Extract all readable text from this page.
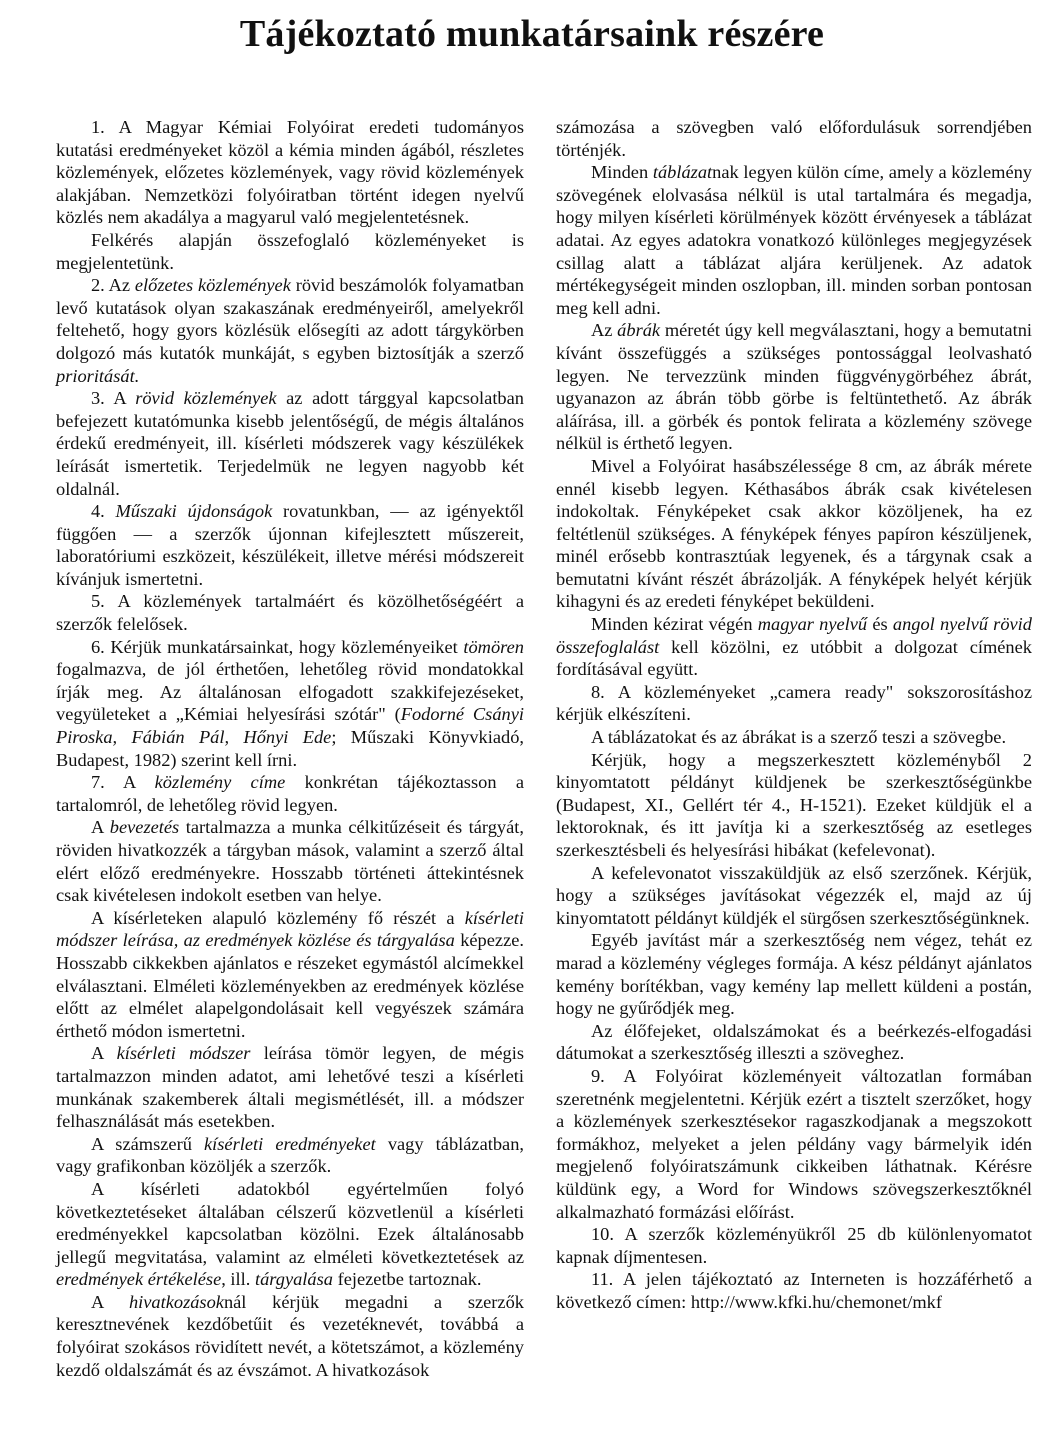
Tájékoztató munkatársaink részére

1. A Magyar Kémiai Folyóirat eredeti tudományos kutatási eredményeket közöl a kémia minden ágából, részletes közlemények, előzetes közlemények, vagy rövid közlemények alakjában. Nemzetközi folyóiratban történt idegen nyelvű közlés nem akadálya a magyarul való megjelentetésnek.

Felkérés alapján összefoglaló közleményeket is megjelentetünk.

2. Az előzetes közlemények rövid beszámolók folyamatban levő kutatások olyan szakaszának eredményeiről, amelyekről feltehető, hogy gyors közlésük elősegíti az adott tárgykörben dolgozó más kutatók munkáját, s egyben biztosítják a szerző prioritását.

3. A rövid közlemények az adott tárggyal kapcsolatban befejezett kutatómunka kisebb jelentőségű, de mégis általános érdekű eredményeit, ill. kísérleti módszerek vagy készülékek leírását ismertetik. Terjedelmük ne legyen nagyobb két oldalnál.

4. Műszaki újdonságok rovatunkban, — az igényektől függően — a szerzők újonnan kifejlesztett műszereit, laboratóriumi eszközeit, készülékeit, illetve mérési módszereit kívánjuk ismertetni.

5. A közlemények tartalmáért és közölhetőségéért a szerzők felelősek.

6. Kérjük munkatársainkat, hogy közleményeiket tömören fogalmazva, de jól érthetően, lehetőleg rövid mondatokkal írják meg. Az általánosan elfogadott szakkifejezéseket, vegyületeket a „Kémiai helyesírási szótár" (Fodorné Csányi Piroska, Fábián Pál, Hőnyi Ede; Műszaki Könyvkiadó, Budapest, 1982) szerint kell írni.

7. A közlemény címe konkrétan tájékoztasson a tartalomról, de lehetőleg rövid legyen.

A bevezetés tartalmazza a munka célkitűzéseit és tárgyát, röviden hivatkozzék a tárgyban mások, valamint a szerző által elért előző eredményekre. Hosszabb történeti áttekintésnek csak kivételesen indokolt esetben van helye.

A kísérleteken alapuló közlemény fő részét a kísérleti módszer leírása, az eredmények közlése és tárgyalása képezze. Hosszabb cikkekben ajánlatos e részeket egymástól alcímekkel elválasztani. Elméleti közleményekben az eredmények közlése előtt az elmélet alapelgondolásait kell vegyészek számára érthető módon ismertetni.

A kísérleti módszer leírása tömör legyen, de mégis tartalmazzon minden adatot, ami lehetővé teszi a kísérleti munkának szakemberek általi megismétlését, ill. a módszer felhasználását más esetekben.

A számszerű kísérleti eredményeket vagy táblázatban, vagy grafikonban közöljék a szerzők.

A kísérleti adatokból egyértelműen folyó következtetéseket általában célszerű közvetlenül a kísérleti eredményekkel kapcsolatban közölni. Ezek általánosabb jellegű megvitatása, valamint az elméleti következtetések az eredmények értékelése, ill. tárgyalása fejezetbe tartoznak.

A hivatkozásoknál kérjük megadni a szerzők keresztnevének kezdőbetűit és vezetéknevét, továbbá a folyóirat szokásos rövidített nevét, a kötetszámot, a közlemény kezdő oldalszámát és az évszámot. A hivatkozások

számozása a szövegben való előfordulásuk sorrendjében történjék.

Minden táblázatnak legyen külön címe, amely a közlemény szövegének elolvasása nélkül is utal tartalmára és megadja, hogy milyen kísérleti körülmények között érvényesek a táblázat adatai. Az egyes adatokra vonatkozó különleges megjegyzések csillag alatt a táblázat aljára kerüljenek. Az adatok mértékegységeit minden oszlopban, ill. minden sorban pontosan meg kell adni.

Az ábrák méretét úgy kell megválasztani, hogy a bemutatni kívánt összefüggés a szükséges pontossággal leolvasható legyen. Ne tervezzünk minden függvénygörbéhez ábrát, ugyanazon az ábrán több görbe is feltüntethető. Az ábrák aláírása, ill. a görbék és pontok felirata a közlemény szövege nélkül is érthető legyen.

Mivel a Folyóirat hasábszélessége 8 cm, az ábrák mérete ennél kisebb legyen. Kéthasábos ábrák csak kivételesen indokoltak. Fényképeket csak akkor közöljenek, ha ez feltétlenül szükséges. A fényképek fényes papíron készüljenek, minél erősebb kontrasztúak legyenek, és a tárgynak csak a bemutatni kívánt részét ábrázolják. A fényképek helyét kérjük kihagyni és az eredeti fényképet beküldeni.

Minden kézirat végén magyar nyelvű és angol nyelvű rövid összefoglalást kell közölni, ez utóbbit a dolgozat címének fordításával együtt.

8. A közleményeket „camera ready" sokszorosításhoz kérjük elkészíteni.

A táblázatokat és az ábrákat is a szerző teszi a szövegbe.

Kérjük, hogy a megszerkesztett közleményből 2 kinyomtatott példányt küldjenek be szerkesztőségünkbe (Budapest, XI., Gellért tér 4., H-1521). Ezeket küldjük el a lektoroknak, és itt javítja ki a szerkesztőség az esetleges szerkesztésbeli és helyesírási hibákat (kefelevonat).

A kefelevonatot visszaküldjük az első szerzőnek. Kérjük, hogy a szükséges javításokat végezzék el, majd az új kinyomtatott példányt küldjék el sürgősen szerkesztőségünknek.

Egyéb javítást már a szerkesztőség nem végez, tehát ez marad a közlemény végleges formája. A kész példányt ajánlatos kemény borítékban, vagy kemény lap mellett küldeni a postán, hogy ne gyűrődjék meg.

Az élőfejeket, oldalszámokat és a beérkezés-elfogadási dátumokat a szerkesztőség illeszti a szöveghez.

9. A Folyóirat közleményeit változatlan formában szeretnénk megjelentetni. Kérjük ezért a tisztelt szerzőket, hogy a közlemények szerkesztésekor ragaszkodjanak a megszokott formákhoz, melyeket a jelen példány vagy bármelyik idén megjelenő folyóiratszámunk cikkeiben láthatnak. Kérésre küldünk egy, a Word for Windows szövegszerkesztőknél alkalmazható formázási előírást.

10. A szerzők közleményükről 25 db különlenyomatot kapnak díjmentesen.

11. A jelen tájékoztató az Interneten is hozzáférhető a következő címen: http://www.kfki.hu/chemonet/mkf
